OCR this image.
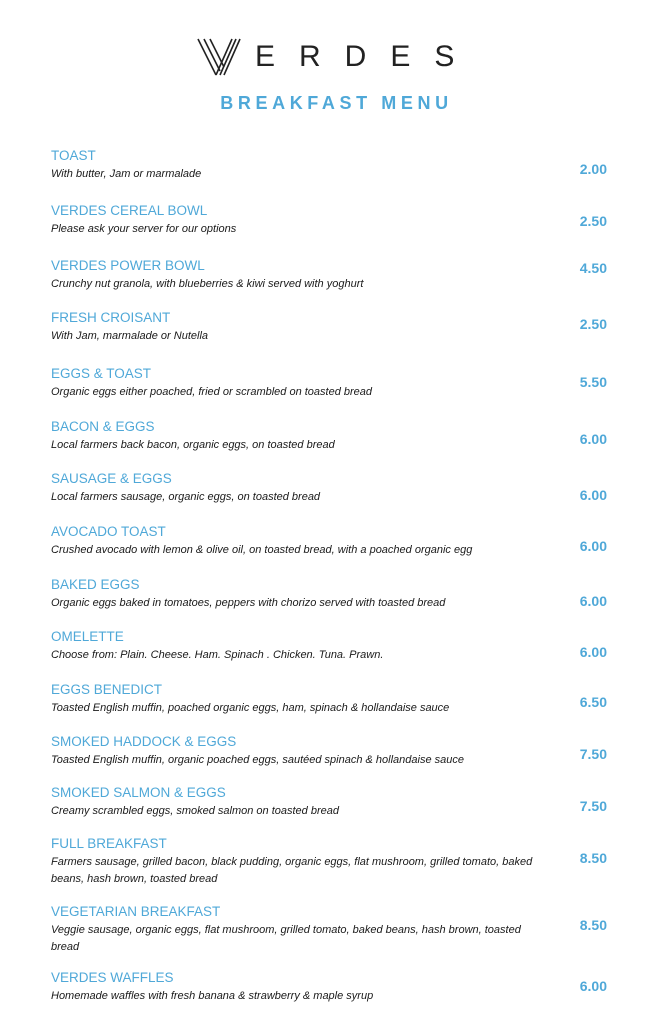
ERDES
BREAKFAST MENU
TOAST
With butter, Jam or marmalade	2.00
VERDES CEREAL BOWL
Please ask your server for our options	2.50
VERDES POWER BOWL
Crunchy nut granola, with blueberries & kiwi served with yoghurt
4.50
FRESH CROISANT
With Jam, marmalade or Nutella
2.50
EGGS & TOAST
Organic eggs either poached, fried or scrambled on toasted bread
5.50
BACON & EGGS
Local farmers back bacon, organic eggs, on toasted bread	6.00
SAUSAGE & EGGS
Local farmers sausage, organic eggs, on toasted bread	6.00
AVOCADO TOAST
Crushed avocado with lemon & olive oil, on toasted bread, with a poached organic egg	6.00
BAKED EGGS
Organic eggs baked in tomatoes, peppers with chorizo served with toasted bread	6.00
OMELETTE
Choose from: Plain. Cheese. Ham. Spinach . Chicken. Tuna. Prawn.	6.00
EGGS BENEDICT
Toasted English muffin, poached organic eggs, ham, spinach & hollandaise sauce	6.50
SMOKED HADDOCK & EGGS
Toasted English muffin, organic poached eggs, sautéed spinach & hollandaise sauce	7.50
SMOKED SALMON & EGGS
Creamy scrambled eggs, smoked salmon on toasted bread	7.50
FULL BREAKFAST
Farmers sausage, grilled bacon, black pudding, organic eggs, flat mushroom, grilled tomato, baked beans, hash brown, toasted bread
8.50
VEGETARIAN BREAKFAST
Veggie sausage, organic eggs, flat mushroom, grilled tomato, baked beans, hash brown, toasted bread
8.50
VERDES WAFFLES
Homemade waffles with fresh banana & strawberry & maple syrup
6.00
